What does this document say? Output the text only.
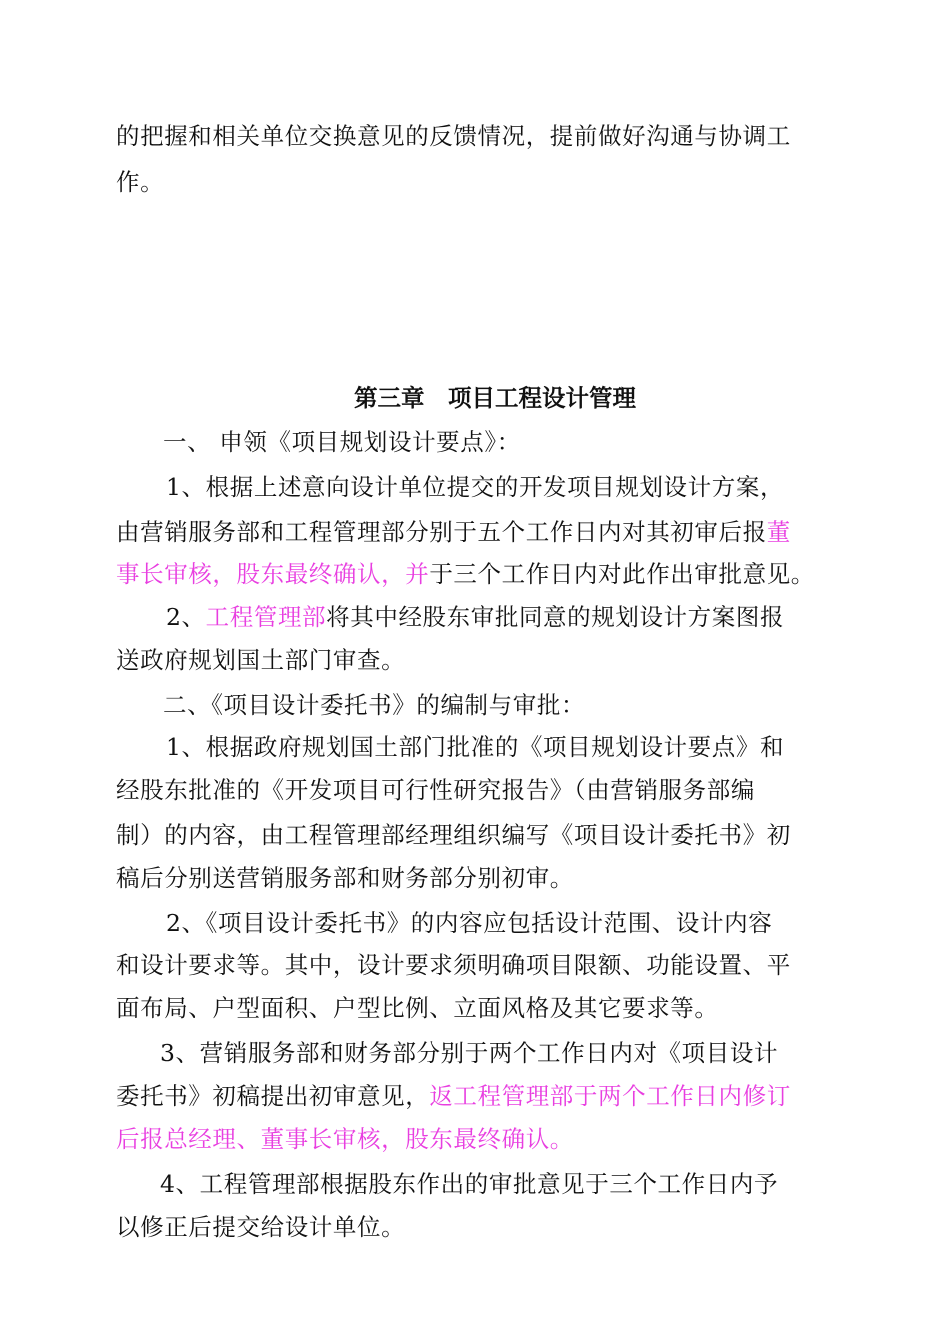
的把握和相关单位交换意见的反馈情况，提前做好沟通与协调工
作。
第三章　项目工程设计管理
一、 申领《项目规划设计要点》：
1、根据上述意向设计单位提交的开发项目规划设计方案，
由营销服务部和工程管理部分别于五个工作日内对其初审后报董
事长审核，股东最终确认，并于三个工作日内对此作出审批意见。
2、工程管理部将其中经股东审批同意的规划设计方案图报
送政府规划国土部门审查。
二、《项目设计委托书》的编制与审批：
1、根据政府规划国土部门批准的《项目规划设计要点》和
经股东批准的《开发项目可行性研究报告》（由营销服务部编
制）的内容，由工程管理部经理组织编写《项目设计委托书》初
稿后分别送营销服务部和财务部分别初审。
2、《项目设计委托书》的内容应包括设计范围、设计内容
和设计要求等。其中，设计要求须明确项目限额、功能设置、平
面布局、户型面积、户型比例、立面风格及其它要求等。
3、营销服务部和财务部分别于两个工作日内对《项目设计
委托书》初稿提出初审意见，返工程管理部于两个工作日内修订
后报总经理、董事长审核，股东最终确认。
4、工程管理部根据股东作出的审批意见于三个工作日内予
以修正后提交给设计单位。
